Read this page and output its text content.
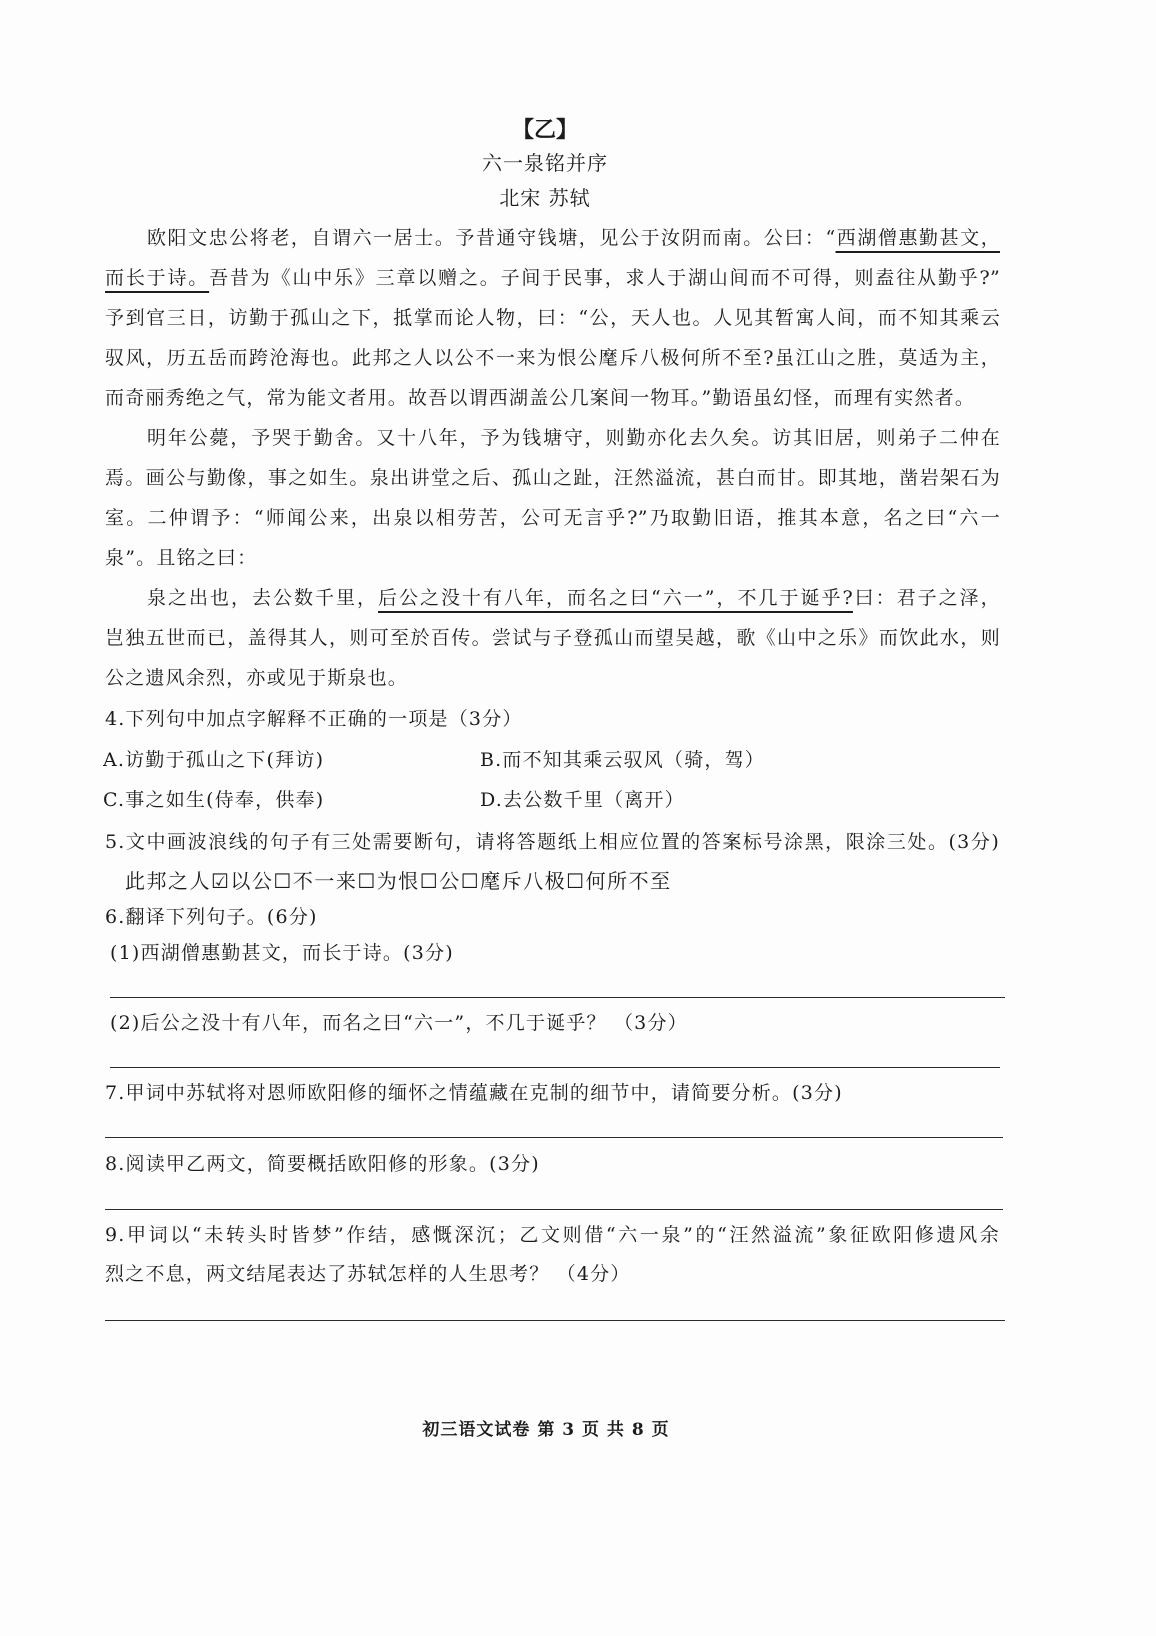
【乙】
六一泉铭并序
北宋 苏轼
欧阳文忠公将老，自谓六一居士。予昔通守钱塘，见公于汝阴而南。公曰：“西湖僧惠勤甚文，
而长于诗。吾昔为《山中乐》三章以赠之。子间于民事，求人于湖山间而不可得，则盍往从勤乎?”
予到官三日，访勤于孤山之下，抵掌而论人物，曰：“公，天人也。人见其暂寓人间，而不知其乘云
驭风，历五岳而跨沧海也。此邦之人以公不一来为恨公麾斥八极何所不至?虽江山之胜，莫适为主，
而奇丽秀绝之气，常为能文者用。故吾以谓西湖盖公几案间一物耳。”勤语虽幻怪，而理有实然者。
明年公薨，予哭于勤舍。又十八年，予为钱塘守，则勤亦化去久矣。访其旧居，则弟子二仲在
焉。画公与勤像，事之如生。泉出讲堂之后、孤山之趾，汪然溢流，甚白而甘。即其地，凿岩架石为
室。二仲谓予：“师闻公来，出泉以相劳苦，公可无言乎?”乃取勤旧语，推其本意，名之曰“六一
泉”。且铭之曰：
泉之出也，去公数千里，后公之没十有八年，而名之曰“六一”，不几于诞乎?曰：君子之泽，
岂独五世而已，盖得其人，则可至於百传。尝试与子登孤山而望吴越，歌《山中之乐》而饮此水，则
公之遗风余烈，亦或见于斯泉也。
4.下列句中加点字解释不正确的一项是（3分）
A.访勤于孤山之下(拜访)	B.而不知其乘云驭风（骑，驾）
C.事之如生(侍奉，供奉)	D.去公数千里（离开）
5.文中画波浪线的句子有三处需要断句，请将答题纸上相应位置的答案标号涂黑，限涂三处。(3分)
此邦之人☑以公☐不一来☐为恨☐公☐麾斥八极☐何所不至
6.翻译下列句子。(6分)
(1)西湖僧惠勤甚文，而长于诗。(3分)
(2)后公之没十有八年，而名之曰“六一”，不几于诞乎？ （3分）
7.甲词中苏轼将对恩师欧阳修的缅怀之情蕴藏在克制的细节中，请简要分析。(3分)
8.阅读甲乙两文，简要概括欧阳修的形象。(3分)
9.甲词以“未转头时皆梦”作结，感慨深沉；乙文则借“六一泉”的“汪然溢流”象征欧阳修遗风余
烈之不息，两文结尾表达了苏轼怎样的人生思考？ （4分）
初三语文试卷 第 3 页 共 8 页
